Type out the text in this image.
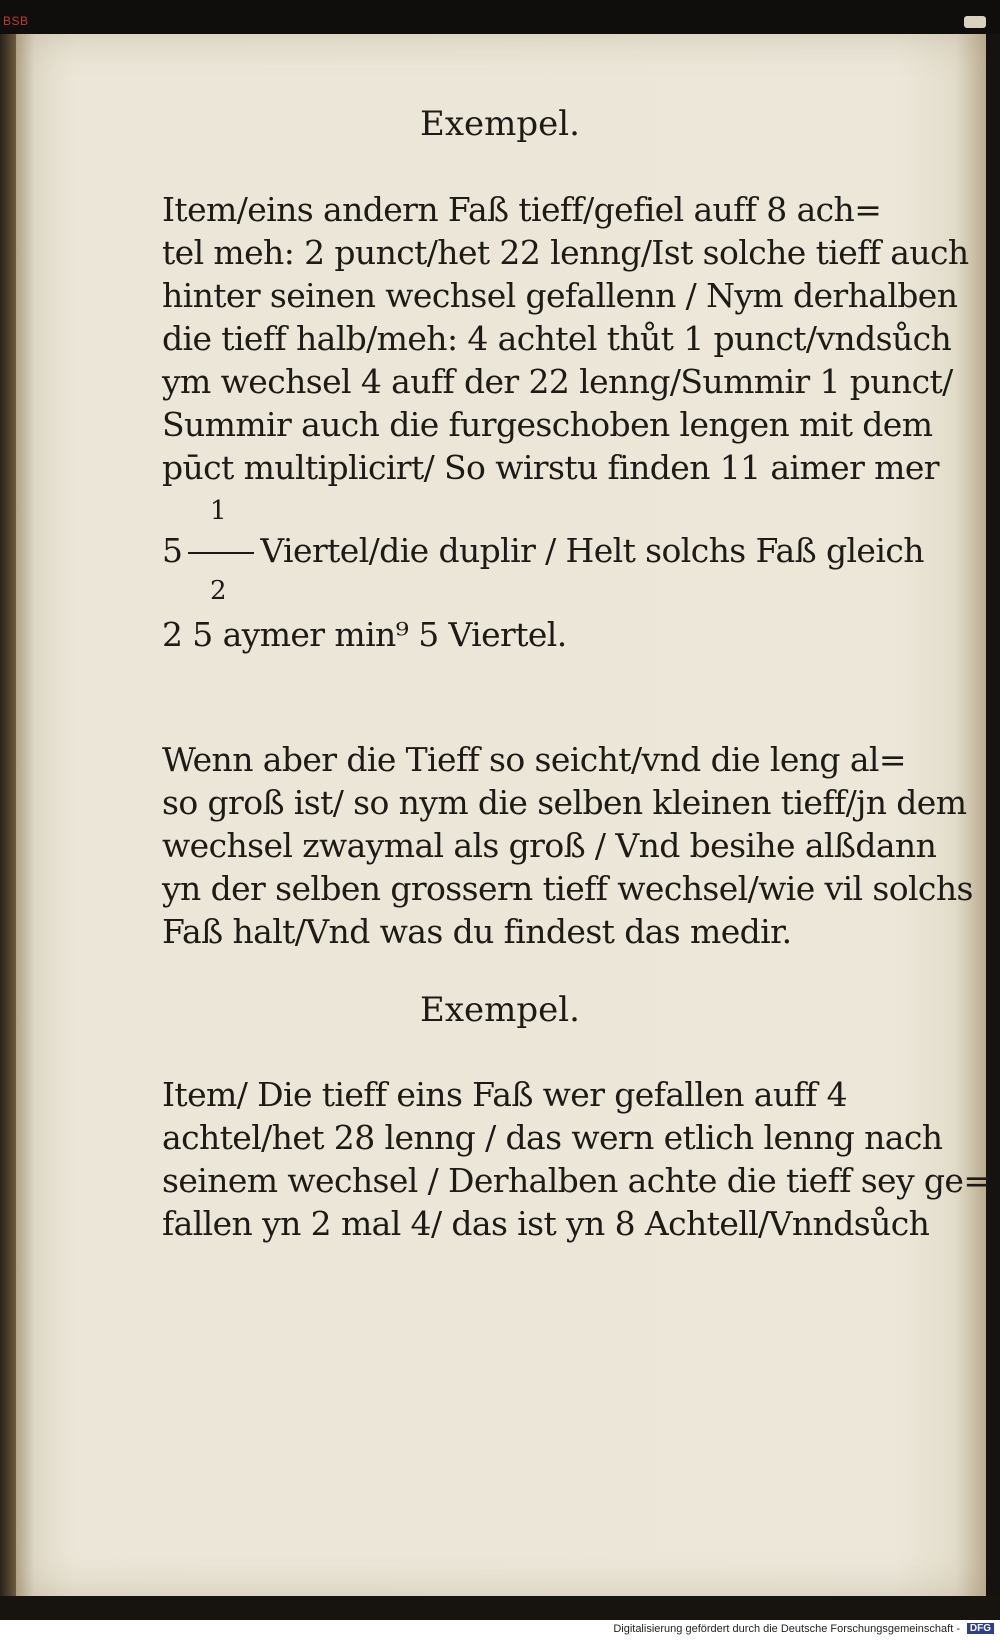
BSB
Exempel.
Item/eins andern Faß tieff/gefiel auff 8 ach=
tel meh: 2 punct/het 22 lenng/Ist solche tieff auch
hinter seinen wechsel gefallenn / Nym derhalben
die tieff halb/meh: 4 achtel thůt 1 punct/vndsůch
ym wechsel 4 auff der 22 lenng/Summir 1 punct/
Summir auch die furgeschoben lengen mit dem
pūct multiplicirt/ So wirstu finden 11 aimer mer
1
5 Viertel/die duplir / Helt solchs Faß gleich
2
2 5 aymer min⁹ 5 Viertel.
Wenn aber die Tieff so seicht/vnd die leng al=
so groß ist/ so nym die selben kleinen tieff/jn dem
wechsel zwaymal als groß / Vnd besihe alßdann
yn der selben grossern tieff wechsel/wie vil solchs
Faß halt/Vnd was du findest das medir.
Exempel.
Item/ Die tieff eins Faß wer gefallen auff 4
achtel/het 28 lenng / das wern etlich lenng nach
seinem wechsel / Derhalben achte die tieff sey ge=
fallen yn 2 mal 4/ das ist yn 8 Achtell/Vnndsůch
Digitalisierung gefördert durch die Deutsche Forschungsgemeinschaft - DFG
